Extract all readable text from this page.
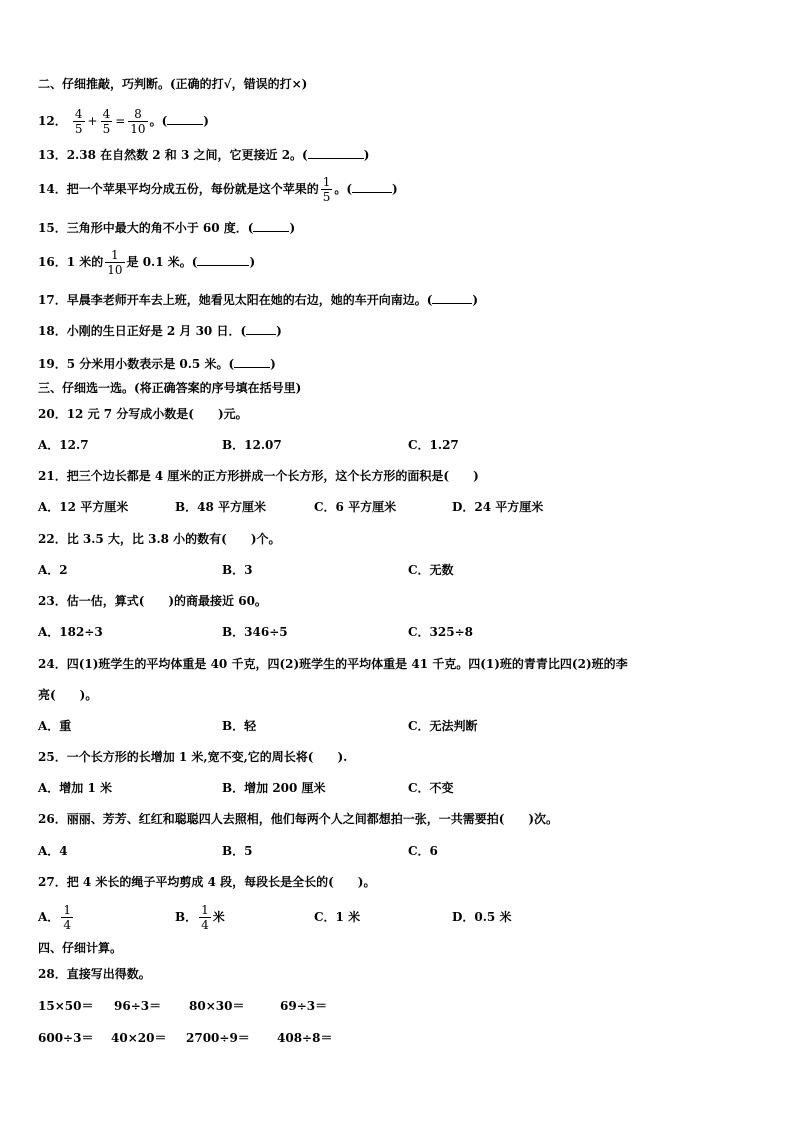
二、仔细推敲，巧判断。(正确的打√，错误的打×)
12． $\frac{4}{5} + \frac{4}{5} = \frac{8}{10}$ 。(	)
13．2.38 在自然数 2 和 3 之间，它更接近 2。(	)
14．把一个苹果平均分成五份，每份就是这个苹果的 $\frac{1}{5}$ 。(	)
15．三角形中最大的角不小于 60 度．(	)
16．1 米的 $\frac{1}{10}$ 是 0.1 米。(	)
17．早晨李老师开车去上班，她看见太阳在她的右边，她的车开向南边。(	)
18．小刚的生日正好是 2 月 30 日．(	)
19．5 分米用小数表示是 0.5 米。(	)
三、仔细选一选。(将正确答案的序号填在括号里)
20．12 元 7 分写成小数是(　　)元。
A．12.7	B．12.07	C．1.27
21．把三个边长都是 4 厘米的正方形拼成一个长方形，这个长方形的面积是(　　)
A．12 平方厘米	B．48 平方厘米	C．6 平方厘米	D．24 平方厘米
22．比 3.5 大，比 3.8 小的数有(　　)个。
A．2	B．3	C．无数
23．估一估，算式(　　)的商最接近 60。
A．182÷3	B．346÷5	C．325÷8
24．四(1)班学生的平均体重是 40 千克，四(2)班学生的平均体重是 41 千克。四(1)班的青青比四(2)班的李
亮(　　)。
A．重	B．轻	C．无法判断
25．一个长方形的长增加 1 米,宽不变,它的周长将(　　).
A．增加 1 米	B．增加 200 厘米	C．不变
26．丽丽、芳芳、红红和聪聪四人去照相，他们每两个人之间都想拍一张，一共需要拍(　　)次。
A．4	B．5	C．6
27．把 4 米长的绳子平均剪成 4 段，每段长是全长的(　　)。
A． $\frac{1}{4}$	B． $\frac{1}{4}$ 米	C．1 米	D．0.5 米
四、仔细计算。
28．直接写出得数。
15×50＝ 96÷3＝ 80×30＝	69÷3＝
600÷3＝ 40×20＝ 2700÷9＝ 408÷8＝
